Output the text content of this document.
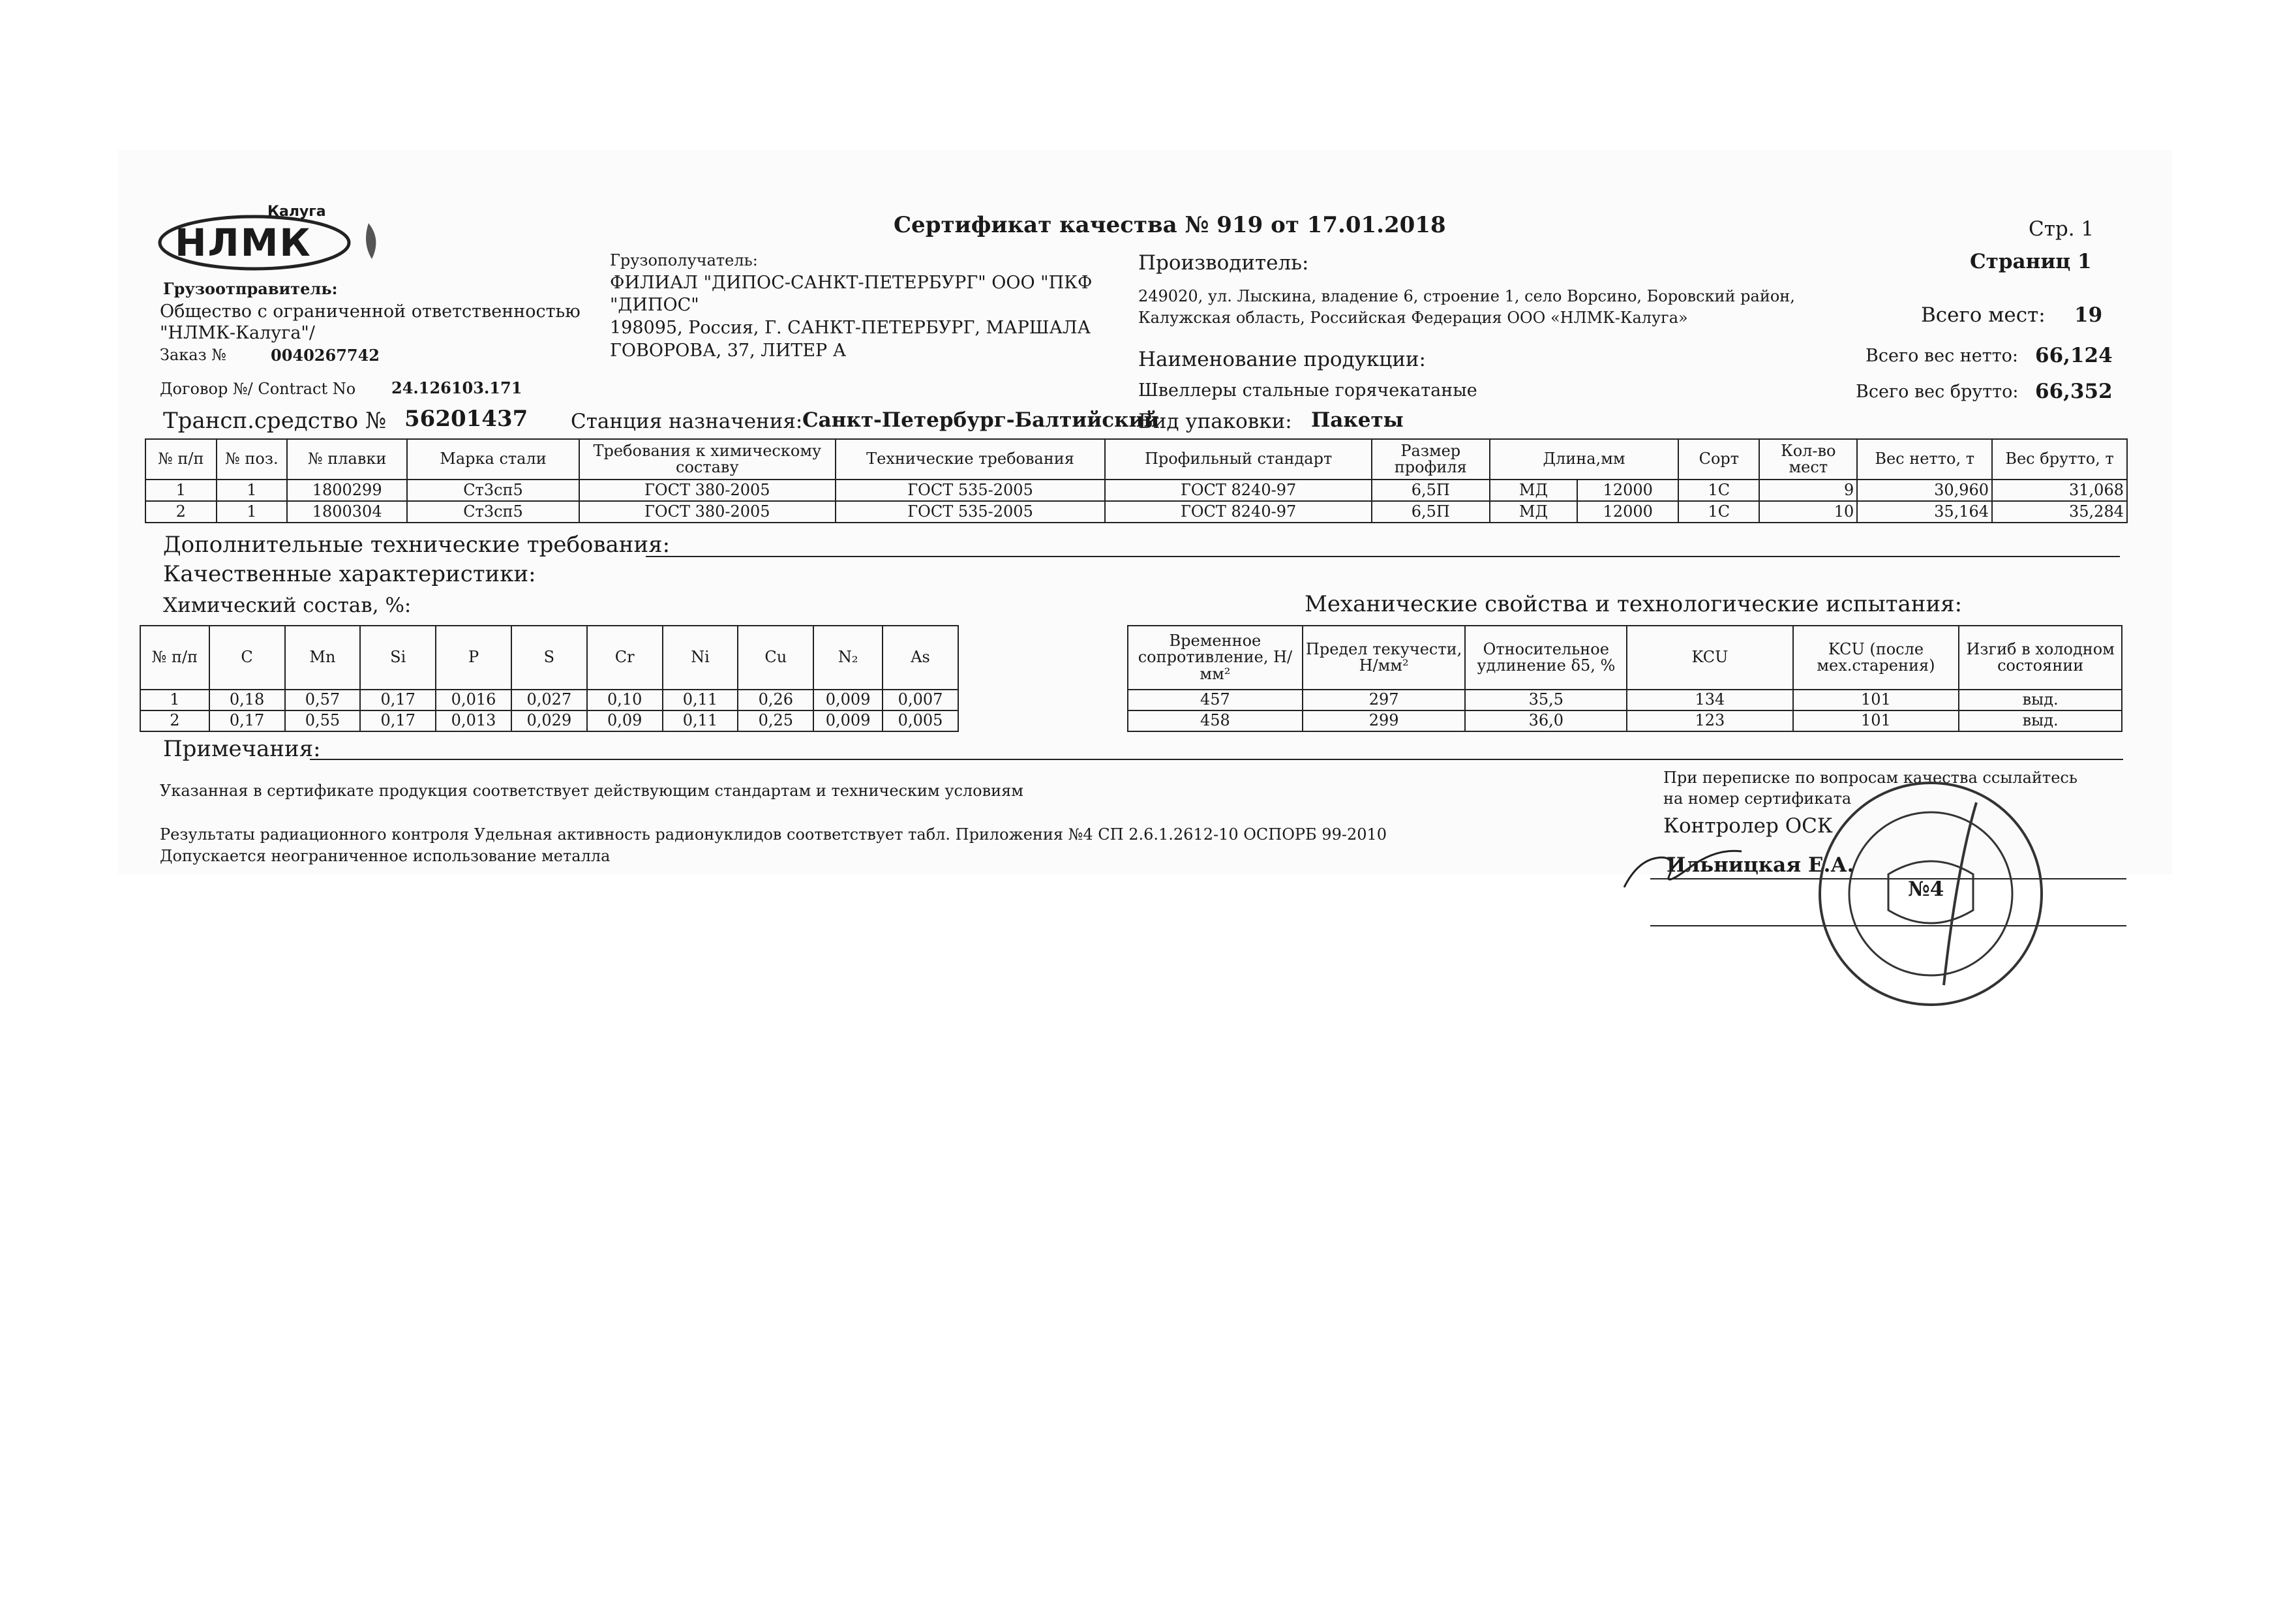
Калуга
НЛМК	Сертификат качества № 919 от 17.01.2018	Стр. 1
Страниц 1
Грузоотправитель:
Общество с ограниченной ответственностью
"НЛМК-Калуга"/
Заказ №	0040267742
Грузополучатель:
ФИЛИАЛ "ДИПОС-САНКТ-ПЕТЕРБУРГ" ООО "ПКФ
"ДИПОС"
198095, Россия, Г. САНКТ-ПЕТЕРБУРГ, МАРШАЛА
ГОВОРОВА, 37, ЛИТЕР А
Производитель:
249020, ул. Лыскина, владение 6, строение 1, село Ворсино, Боровский район,
Калужская область, Российская Федерация ООО «НЛМК-Калуга»
Наименование продукции:
Швеллеры стальные горячекатаные
Всего мест: 19
Всего вес нетто: 66,124
Всего вес брутто: 66,352
Договор №/ Contract No 24.126103.171
Трансп.средство № 56201437 Станция назначения: Санкт-Петербург-Балтийский
Вид упаковки: Пакеты
№ п/п	№ поз.	№ плавки	Марка стали	Требования к химическому составу	Технические требования	Профильный стандарт	Размер профиля	Длина,мм		Сорт	Кол-во мест	Вес нетто, т	Вес брутто, т
1	1	1800299	Ст3сп5	ГОСТ 380-2005	ГОСТ 535-2005	ГОСТ 8240-97	6,5П	МД	12000	1С	9	30,960	31,068
2	1	1800304	Ст3сп5	ГОСТ 380-2005	ГОСТ 535-2005	ГОСТ 8240-97	6,5П	МД	12000	1С	10	35,164	35,284
Дополнительные технические требования:
Качественные характеристики:
Химический состав, %:	Механические свойства и технологические испытания:
№ п/п	C	Mn	Si	P	S	Cr	Ni	Cu	N₂	As
1	0,18	0,57	0,17	0,016	0,027	0,10	0,11	0,26	0,009	0,007
2	0,17	0,55	0,17	0,013	0,029	0,09	0,11	0,25	0,009	0,005
Временное сопротивление, Н/мм²	Предел текучести, Н/мм²	Относительное удлинение δ5, %	KCU	KCU (после мех.старения)	Изгиб в холодном состоянии
457	297	35,5	134	101	выд.
458	299	36,0	123	101	выд.
Примечания:
Указанная в сертификате продукция соответствует действующим стандартам и техническим условиям
Результаты радиационного контроля Удельная активность радионуклидов соответствует табл. Приложения №4 СП 2.6.1.2612-10 ОСПОРБ 99-2010
Допускается неограниченное использование металла
При переписке по вопросам качества ссылайтесь
на номер сертификата
Контролер ОСК
Ильницкая Е.А.
№4
